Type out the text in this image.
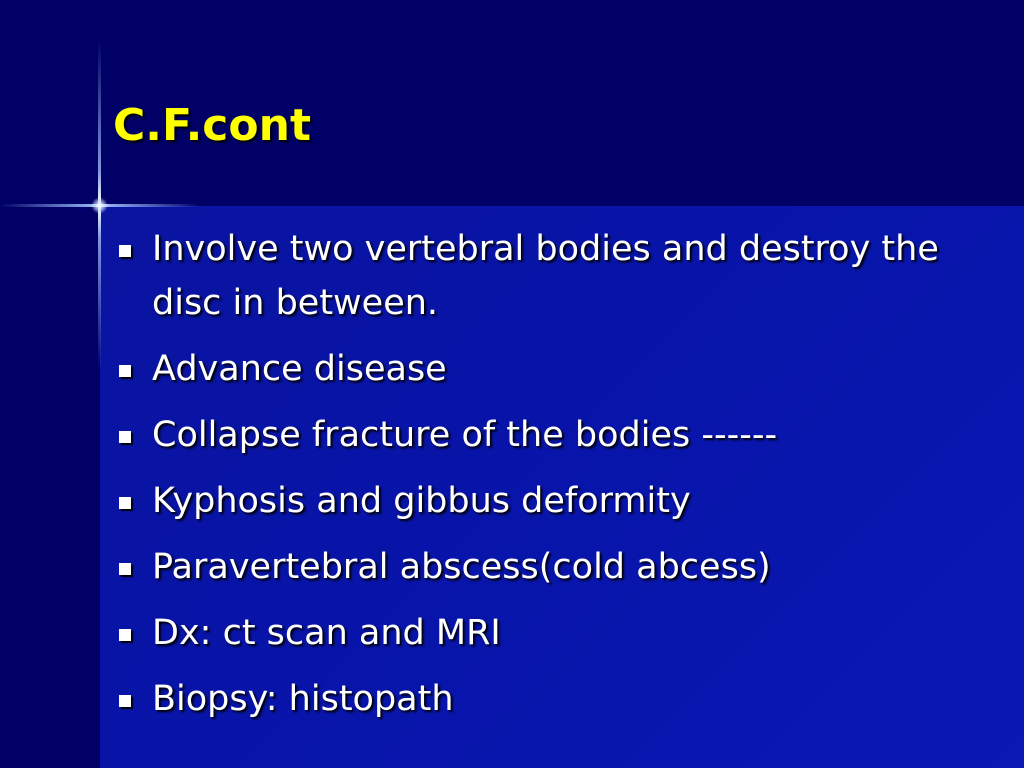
C.F.cont
Involve two vertebral bodies and destroy the disc in between.
Advance disease
Collapse fracture of the bodies ------
Kyphosis and gibbus deformity
Paravertebral abscess(cold abcess)
Dx: ct scan and MRI
Biopsy: histopath
